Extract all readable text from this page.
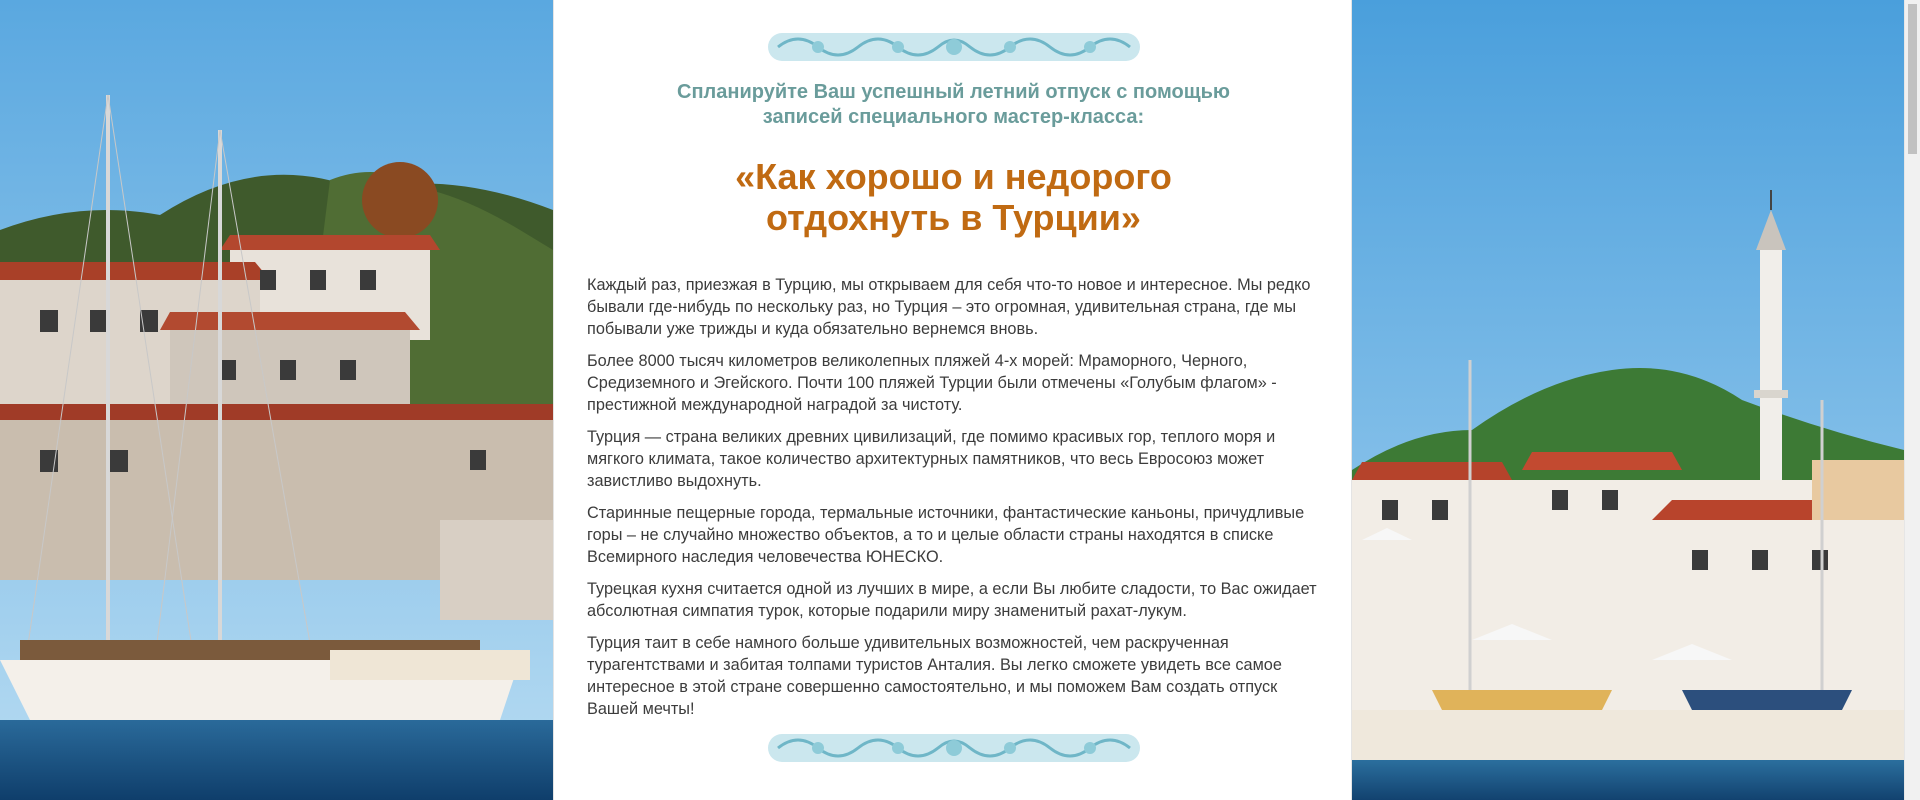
Спланируйте Ваш успешный летний отпуск с помощью
записей специального мастер-класса:
«Как хорошо и недорого
отдохнуть в Турции»

Каждый раз, приезжая в Турцию, мы открываем для себя что-то новое и интересное. Мы редко бывали где-нибудь по нескольку раз, но Турция – это огромная, удивительная страна, где мы побывали уже трижды и куда обязательно вернемся вновь.

Более 8000 тысяч километров великолепных пляжей 4-х морей: Мраморного, Черного, Средиземного и Эгейского. Почти 100 пляжей Турции были отмечены «Голубым флагом» - престижной международной наградой за чистоту.

Турция — страна великих древних цивилизаций, где помимо красивых гор, теплого моря и мягкого климата, такое количество архитектурных памятников, что весь Евросоюз может завистливо выдохнуть.

Старинные пещерные города, термальные источники, фантастические каньоны, причудливые горы – не случайно множество объектов, а то и целые области страны находятся в списке Всемирного наследия человечества ЮНЕСКО.

Турецкая кухня считается одной из лучших в мире, а если Вы любите сладости, то Вас ожидает абсолютная симпатия турок, которые подарили миру знаменитый рахат-лукум.

Турция таит в себе намного больше удивительных возможностей, чем раскрученная турагентствами и забитая толпами туристов Анталия. Вы легко сможете увидеть все самое интересное в этой стране совершенно самостоятельно, и мы поможем Вам создать отпуск Вашей мечты!
